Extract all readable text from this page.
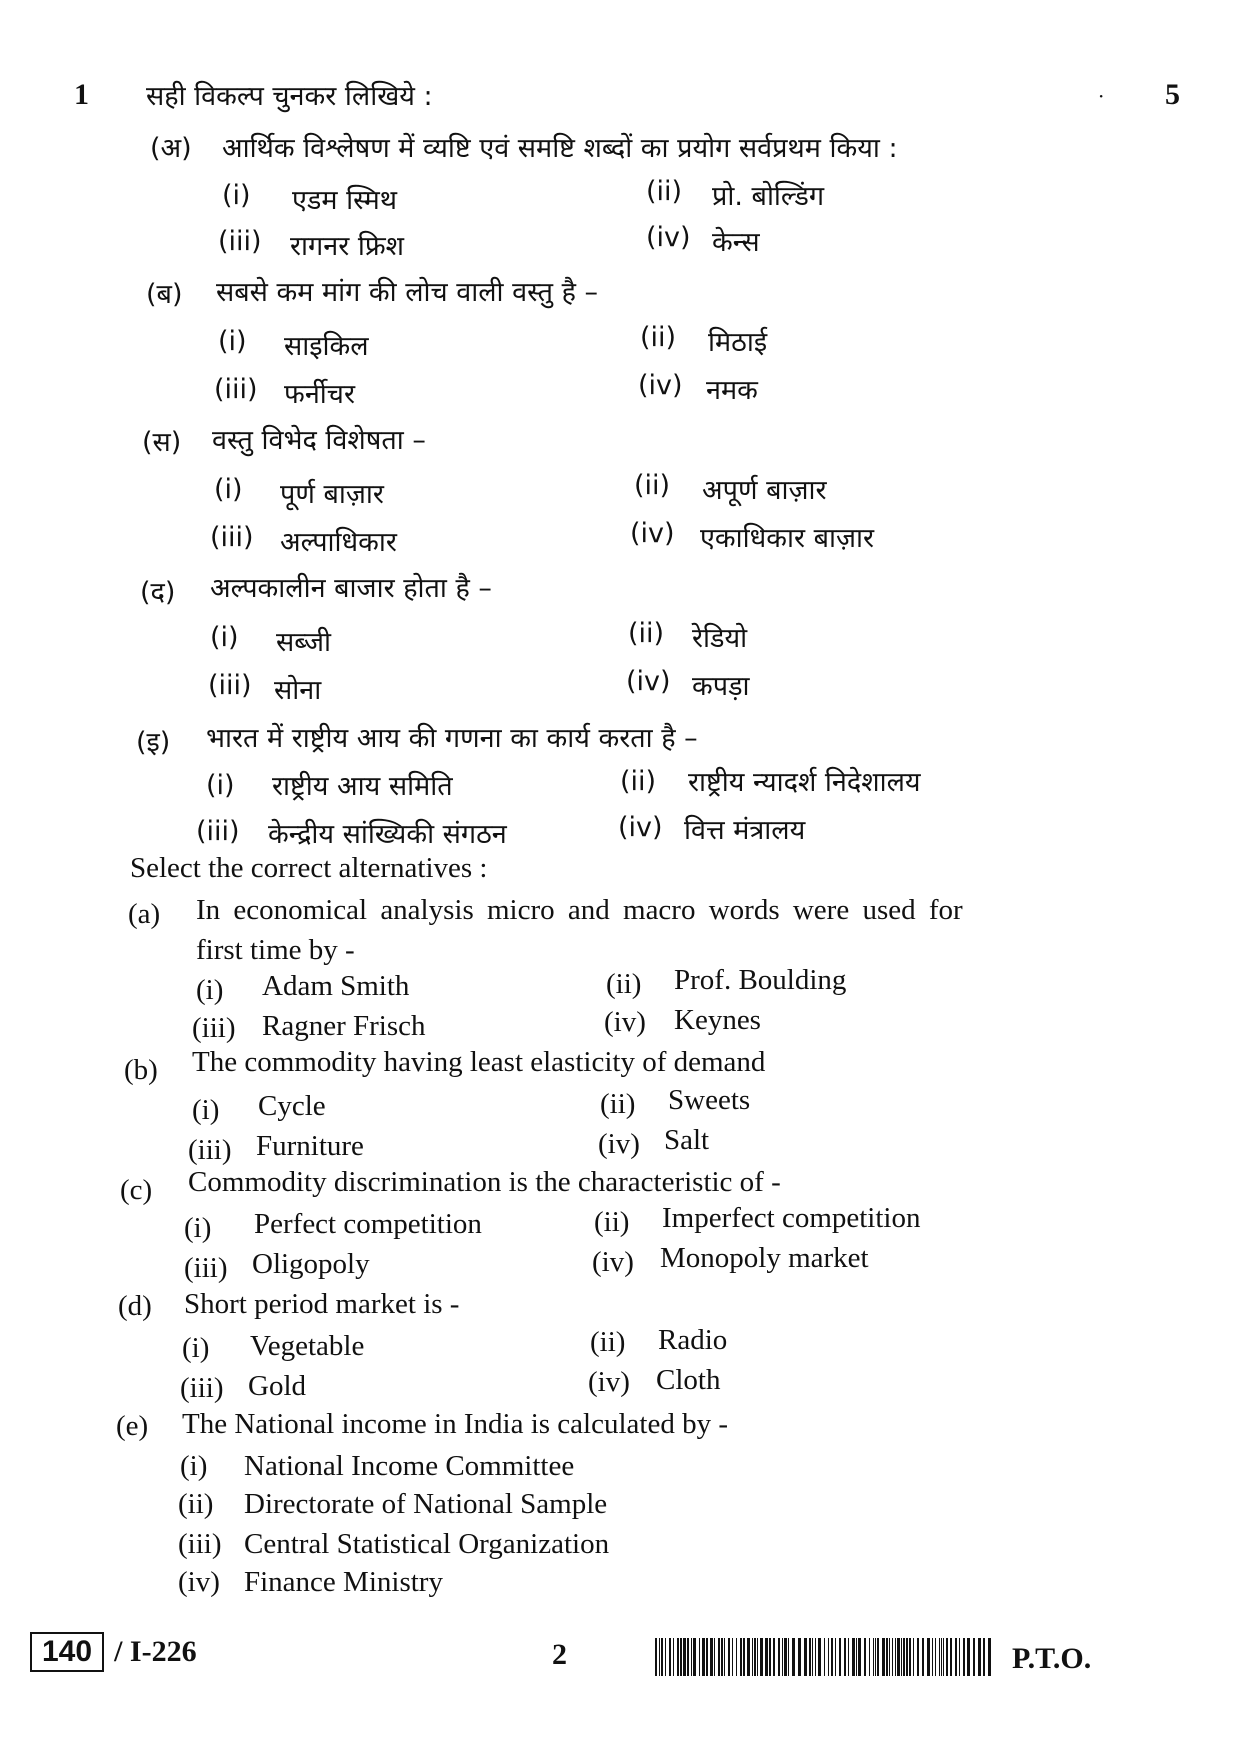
1 सही विकल्प चुनकर लिखिये :	· 5
(अ) आर्थिक विश्लेषण में व्यष्टि एवं समष्टि शब्दों का प्रयोग सर्वप्रथम किया :
(i) एडम स्मिथ	(ii) प्रो. बोल्डिंग
(iii) रागनर फ्रिश	(iv) केन्स
(ब) सबसे कम मांग की लोच वाली वस्तु है –
(i) साइकिल	(ii) मिठाई
(iii) फर्नीचर	(iv) नमक
(स) वस्तु विभेद विशेषता –
(i) पूर्ण बाज़ार	(ii) अपूर्ण बाज़ार
(iii) अल्पाधिकार	(iv) एकाधिकार बाज़ार
(द) अल्पकालीन बाजार होता है –
(i) सब्जी	(ii) रेडियो
(iii) सोना	(iv) कपड़ा
(इ) भारत में राष्ट्रीय आय की गणना का कार्य करता है –
(i) राष्ट्रीय आय समिति	(ii) राष्ट्रीय न्यादर्श निदेशालय
(iii) केन्द्रीय सांख्यिकी संगठन	(iv) वित्त मंत्रालय
Select the correct alternatives :
(a) In economical analysis micro and macro words were used for
first time by -
(i) Adam Smith	(ii) Prof. Boulding
(iii) Ragner Frisch	(iv) Keynes
(b) The commodity having least elasticity of demand
(i) Cycle	(ii) Sweets
(iii) Furniture	(iv) Salt
(c) Commodity discrimination is the characteristic of -
(i) Perfect competition	(ii) Imperfect competition
(iii) Oligopoly	(iv) Monopoly market
(d) Short period market is -
(i) Vegetable	(ii) Radio
(iii) Gold	(iv) Cloth
(e) The National income in India is calculated by -
(i) National Income Committee
(ii) Directorate of National Sample
(iii) Central Statistical Organization
(iv) Finance Ministry
140 / I-226	2	P.T.O.
